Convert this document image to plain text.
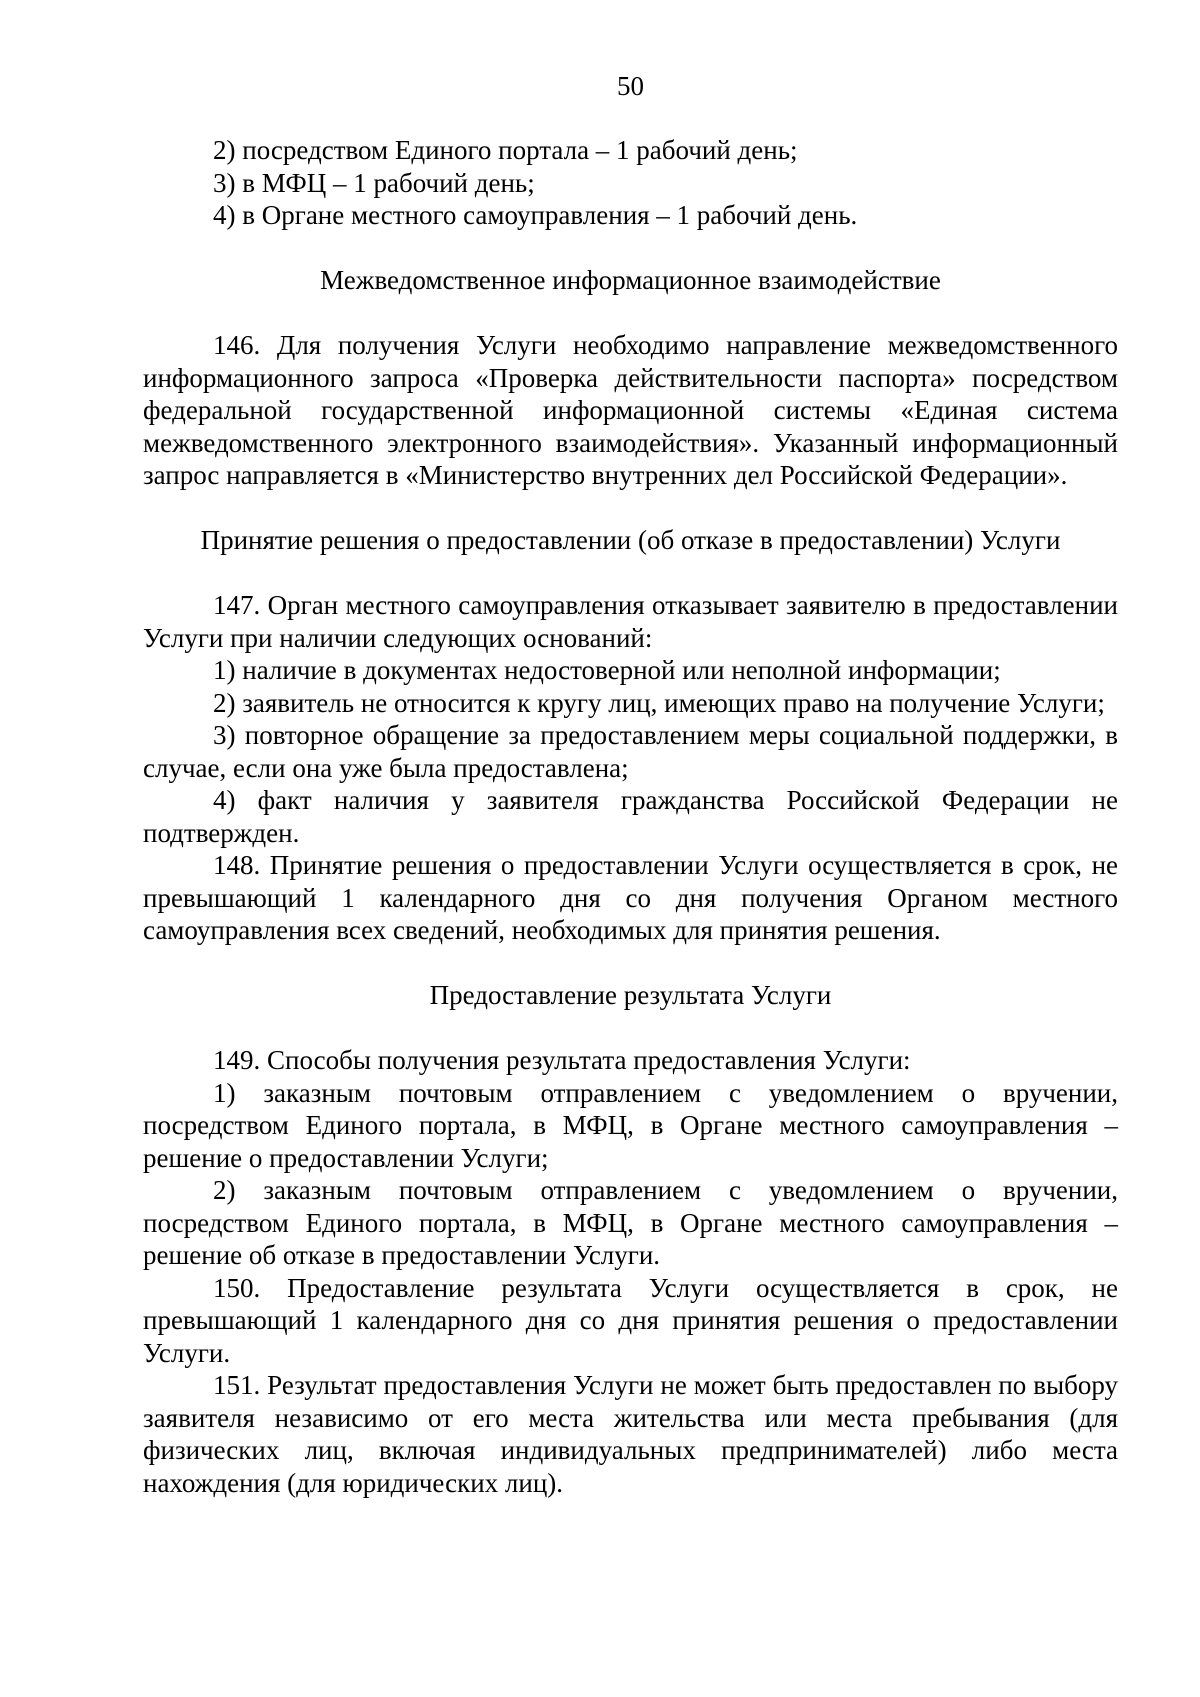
50

2) посредством Единого портала – 1 рабочий день;

3) в МФЦ – 1 рабочий день;

4) в Органе местного самоуправления – 1 рабочий день.

Межведомственное информационное взаимодействие

146. Для получения Услуги необходимо направление межведомственного информационного запроса «Проверка действительности паспорта» посредством федеральной государственной информационной системы «Единая система межведомственного электронного взаимодействия». Указанный информационный запрос направляется в «Министерство внутренних дел Российской Федерации».

Принятие решения о предоставлении (об отказе в предоставлении) Услуги

147. Орган местного самоуправления отказывает заявителю в предоставлении Услуги при наличии следующих оснований:

1) наличие в документах недостоверной или неполной информации;

2) заявитель не относится к кругу лиц, имеющих право на получение Услуги;

3) повторное обращение за предоставлением меры социальной поддержки, в случае, если она уже была предоставлена;

4) факт наличия у заявителя гражданства Российской Федерации не подтвержден.

148. Принятие решения о предоставлении Услуги осуществляется в срок, не превышающий 1 календарного дня со дня получения Органом местного самоуправления всех сведений, необходимых для принятия решения.

Предоставление результата Услуги

149. Способы получения результата предоставления Услуги:

1) заказным почтовым отправлением с уведомлением о вручении, посредством Единого портала, в МФЦ, в Органе местного самоуправления – решение о предоставлении Услуги;

2) заказным почтовым отправлением с уведомлением о вручении, посредством Единого портала, в МФЦ, в Органе местного самоуправления – решение об отказе в предоставлении Услуги.

150. Предоставление результата Услуги осуществляется в срок, не превышающий 1 календарного дня со дня принятия решения о предоставлении Услуги.

151. Результат предоставления Услуги не может быть предоставлен по выбору заявителя независимо от его места жительства или места пребывания (для физических лиц, включая индивидуальных предпринимателей) либо места нахождения (для юридических лиц).
